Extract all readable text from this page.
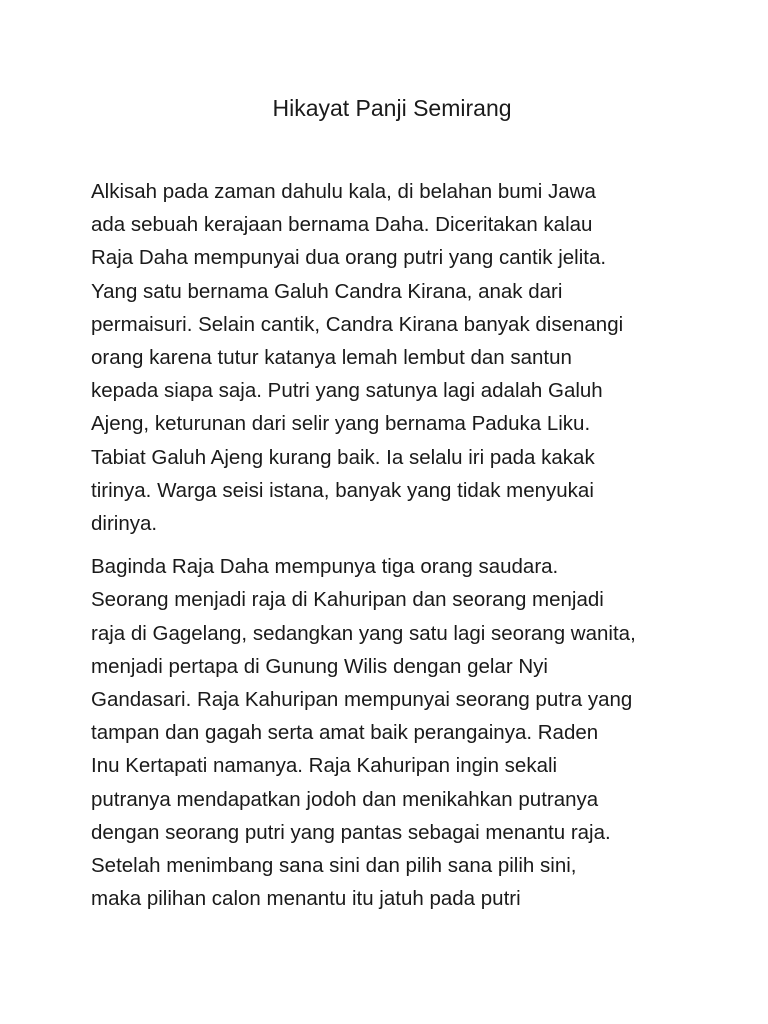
Hikayat Panji Semirang

Alkisah pada zaman dahulu kala, di belahan bumi Jawa
ada sebuah kerajaan bernama Daha. Diceritakan kalau
Raja Daha mempunyai dua orang putri yang cantik jelita.
Yang satu bernama Galuh Candra Kirana, anak dari
permaisuri. Selain cantik, Candra Kirana banyak disenangi
orang karena tutur katanya lemah lembut dan santun
kepada siapa saja. Putri yang satunya lagi adalah Galuh
Ajeng, keturunan dari selir yang bernama Paduka Liku.
Tabiat Galuh Ajeng kurang baik. Ia selalu iri pada kakak
tirinya. Warga seisi istana, banyak yang tidak menyukai
dirinya.

Baginda Raja Daha mempunya tiga orang saudara.
Seorang menjadi raja di Kahuripan dan seorang menjadi
raja di Gagelang, sedangkan yang satu lagi seorang wanita,
menjadi pertapa di Gunung Wilis dengan gelar Nyi
Gandasari. Raja Kahuripan mempunyai seorang putra yang
tampan dan gagah serta amat baik perangainya. Raden
Inu Kertapati namanya. Raja Kahuripan ingin sekali
putranya mendapatkan jodoh dan menikahkan putranya
dengan seorang putri yang pantas sebagai menantu raja.
Setelah menimbang sana sini dan pilih sana pilih sini,
maka pilihan calon menantu itu jatuh pada putri
